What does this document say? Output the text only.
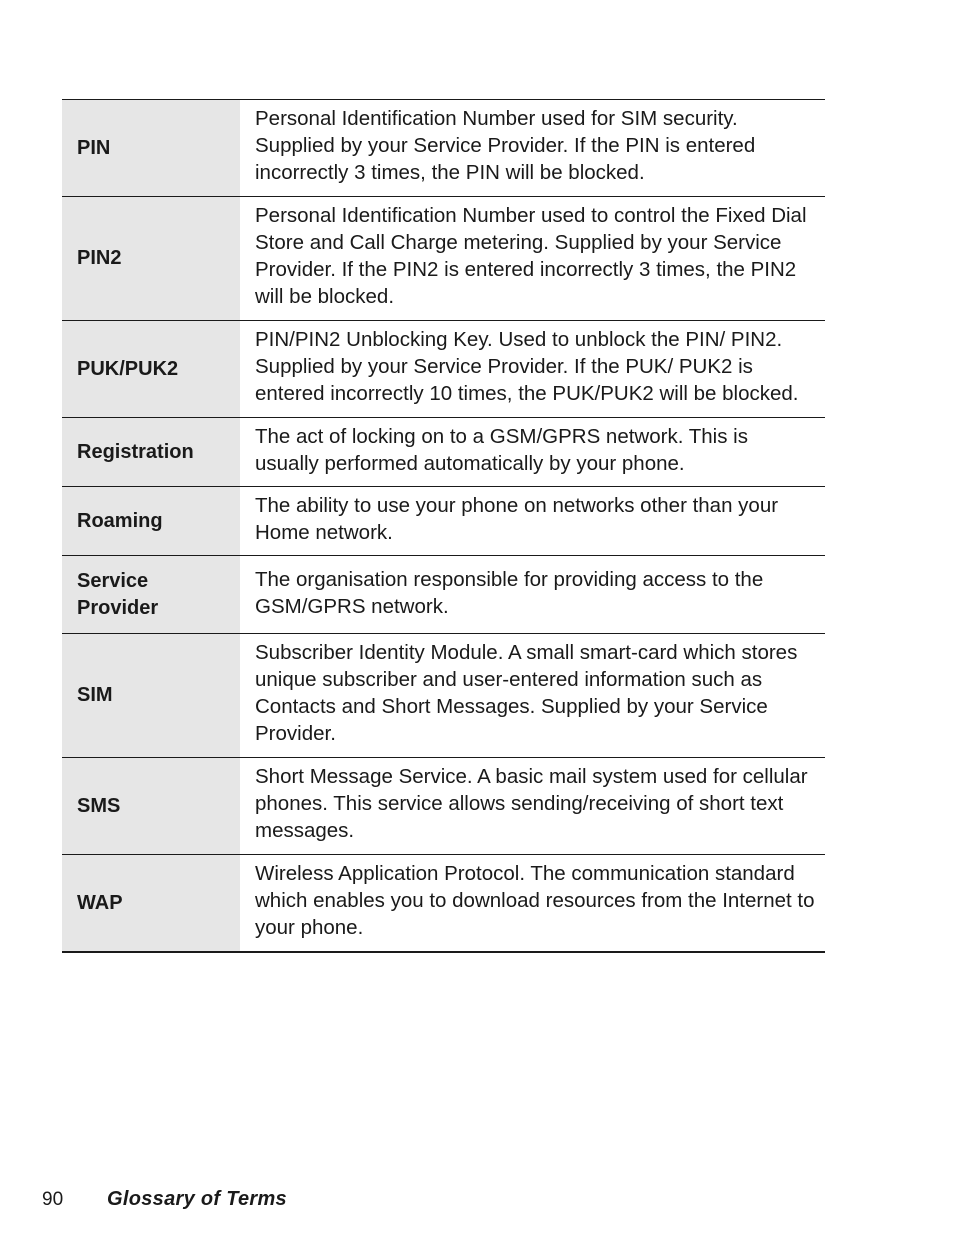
PIN	Personal Identification Number used for SIM security. Supplied by your Service Provider. If the PIN is entered incorrectly 3 times, the PIN will be blocked.
PIN2	Personal Identification Number used to control the Fixed Dial Store and Call Charge metering. Supplied by your Service Provider. If the PIN2 is entered incorrectly 3 times, the PIN2 will be blocked.
PUK/PUK2	PIN/PIN2 Unblocking Key. Used to unblock the PIN/ PIN2. Supplied by your Service Provider. If the PUK/ PUK2 is entered incorrectly 10 times, the PUK/PUK2 will be blocked.
Registration	The act of locking on to a GSM/GPRS network. This is usually performed automatically by your phone.
Roaming	The ability to use your phone on networks other than your Home network.
Service Provider	The organisation responsible for providing access to the GSM/GPRS network.
SIM	Subscriber Identity Module. A small smart-card which stores unique subscriber and user-entered information such as Contacts and Short Messages. Supplied by your Service Provider.
SMS	Short Message Service. A basic mail system used for cellular phones. This service allows sending/receiving of short text messages.
WAP	Wireless Application Protocol. The communication standard which enables you to download resources from the Internet to your phone.
90	Glossary of Terms
